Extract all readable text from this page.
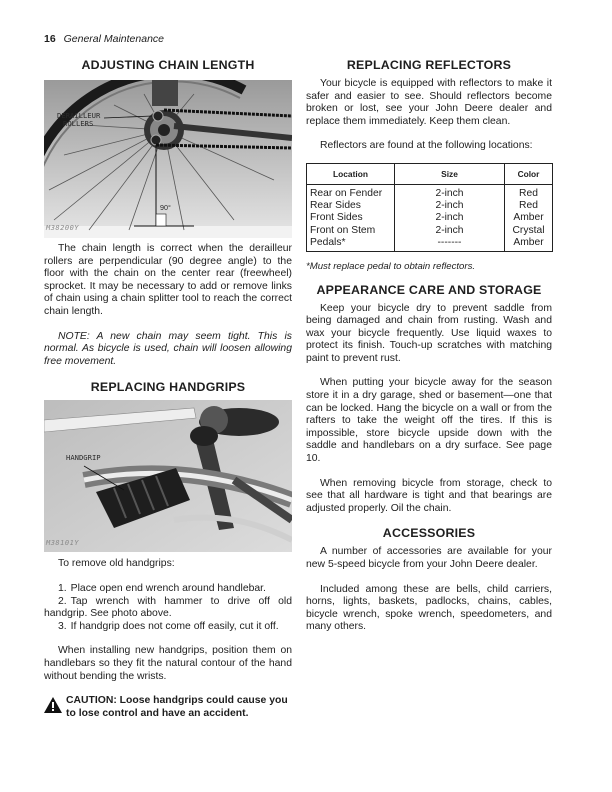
16 General Maintenance
ADJUSTING CHAIN LENGTH
DERAILLEUR
ROLLERS
90°
M38200Y

The chain length is correct when the derailleur rollers are perpendicular (90 degree angle) to the floor with the chain on the center rear (freewheel) sprocket. It may be necessary to add or remove links of chain using a chain splitter tool to reach the correct chain length.

NOTE: A new chain may seem tight. This is normal. As bicycle is used, chain will loosen allowing free movement.

REPLACING HANDGRIPS
HANDGRIP
M38101Y

To remove old handgrips:

1. Place open end wrench around handlebar.
2. Tap wrench with hammer to drive off old handgrip. See photo above.
3. If handgrip does not come off easily, cut it off.

When installing new handgrips, position them on handlebars so they fit the natural contour of the hand without bending the wrists.

CAUTION: Loose handgrips could cause you to lose control and have an accident.
REPLACING REFLECTORS

Your bicycle is equipped with reflectors to make it safer and easier to see. Should reflectors become broken or lost, see your John Deere dealer and replace them immediately. Keep them clean.

Reflectors are found at the following locations:

Location	Size	Color
Rear on Fender	2-inch	Red
Rear Sides	2-inch	Red
Front Sides	2-inch	Amber
Front on Stem	2-inch	Crystal
Pedals*	-------	Amber

*Must replace pedal to obtain reflectors.

APPEARANCE CARE AND STORAGE

Keep your bicycle dry to prevent saddle from being damaged and chain from rusting. Wash and wax your bicycle frequently. Use liquid waxes to protect its finish. Touch-up scratches with matching paint to prevent rust.

When putting your bicycle away for the season store it in a dry garage, shed or basement—one that can be locked. Hang the bicycle on a wall or from the rafters to take the weight off the tires. If this is impossible, store bicycle upside down with the saddle and handlebars on a dry surface. See page 10.

When removing bicycle from storage, check to see that all hardware is tight and that bearings are adjusted properly. Oil the chain.

ACCESSORIES

A number of accessories are available for your new 5-speed bicycle from your John Deere dealer.

Included among these are bells, child carriers, horns, lights, baskets, padlocks, chains, cables, bicycle wrench, spoke wrench, speedometers, and many others.
